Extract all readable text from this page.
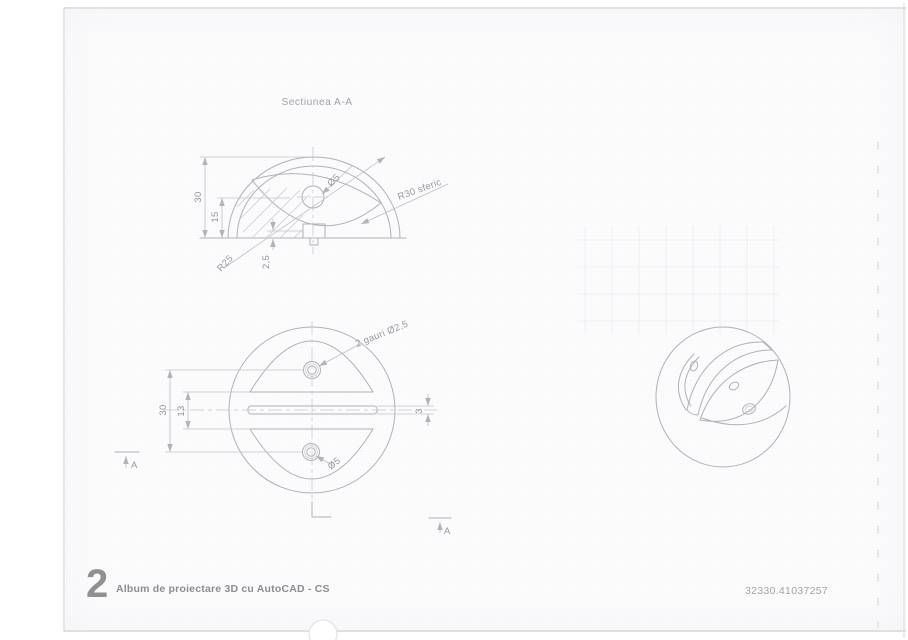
Sectiunea A-A
30
15
2,5
Ø5
R25
R30 sferic
30 13	3
2 gauri Ø2,5
Ø5
A
A
2 Album de proiectare 3D cu AutoCAD - CS	32330.41037257
